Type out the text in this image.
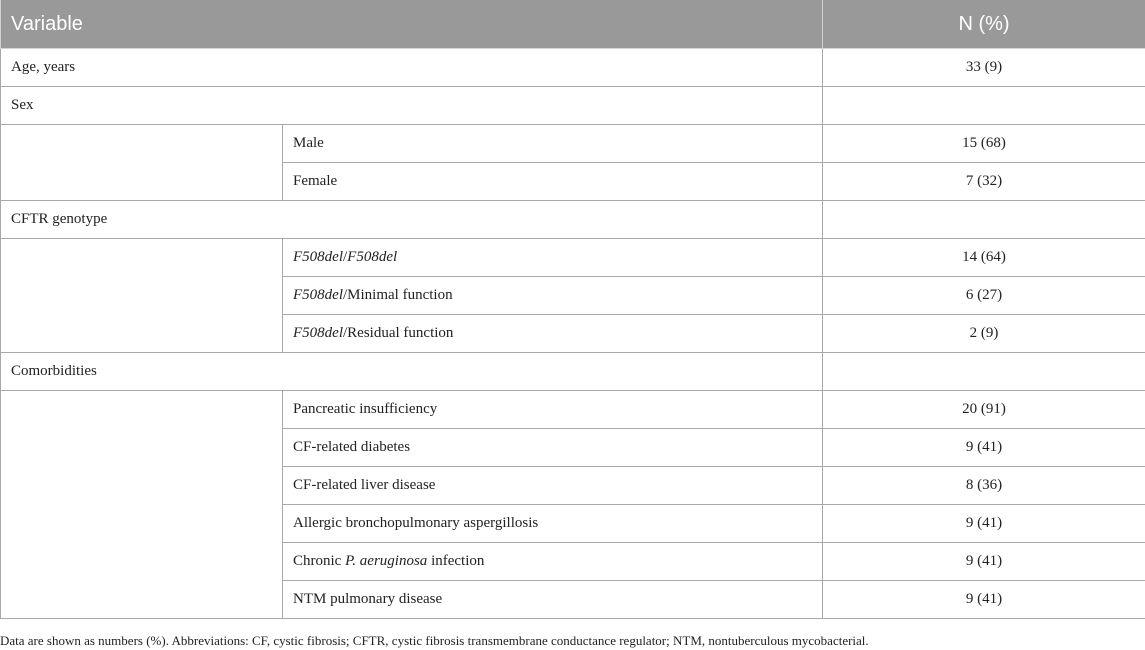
Variable		N (%)
Age, years		33 (9)
Sex		
	Male	15 (68)
	Female	7 (32)
CFTR genotype		
	F508del/F508del	14 (64)
	F508del/Minimal function	6 (27)
	F508del/Residual function	2 (9)
Comorbidities		
	Pancreatic insufficiency	20 (91)
	CF-related diabetes	9 (41)
	CF-related liver disease	8 (36)
	Allergic bronchopulmonary aspergillosis	9 (41)
	Chronic P. aeruginosa infection	9 (41)
	NTM pulmonary disease	9 (41)
Data are shown as numbers (%). Abbreviations: CF, cystic fibrosis; CFTR, cystic fibrosis transmembrane conductance regulator; NTM, nontuberculous mycobacterial.
